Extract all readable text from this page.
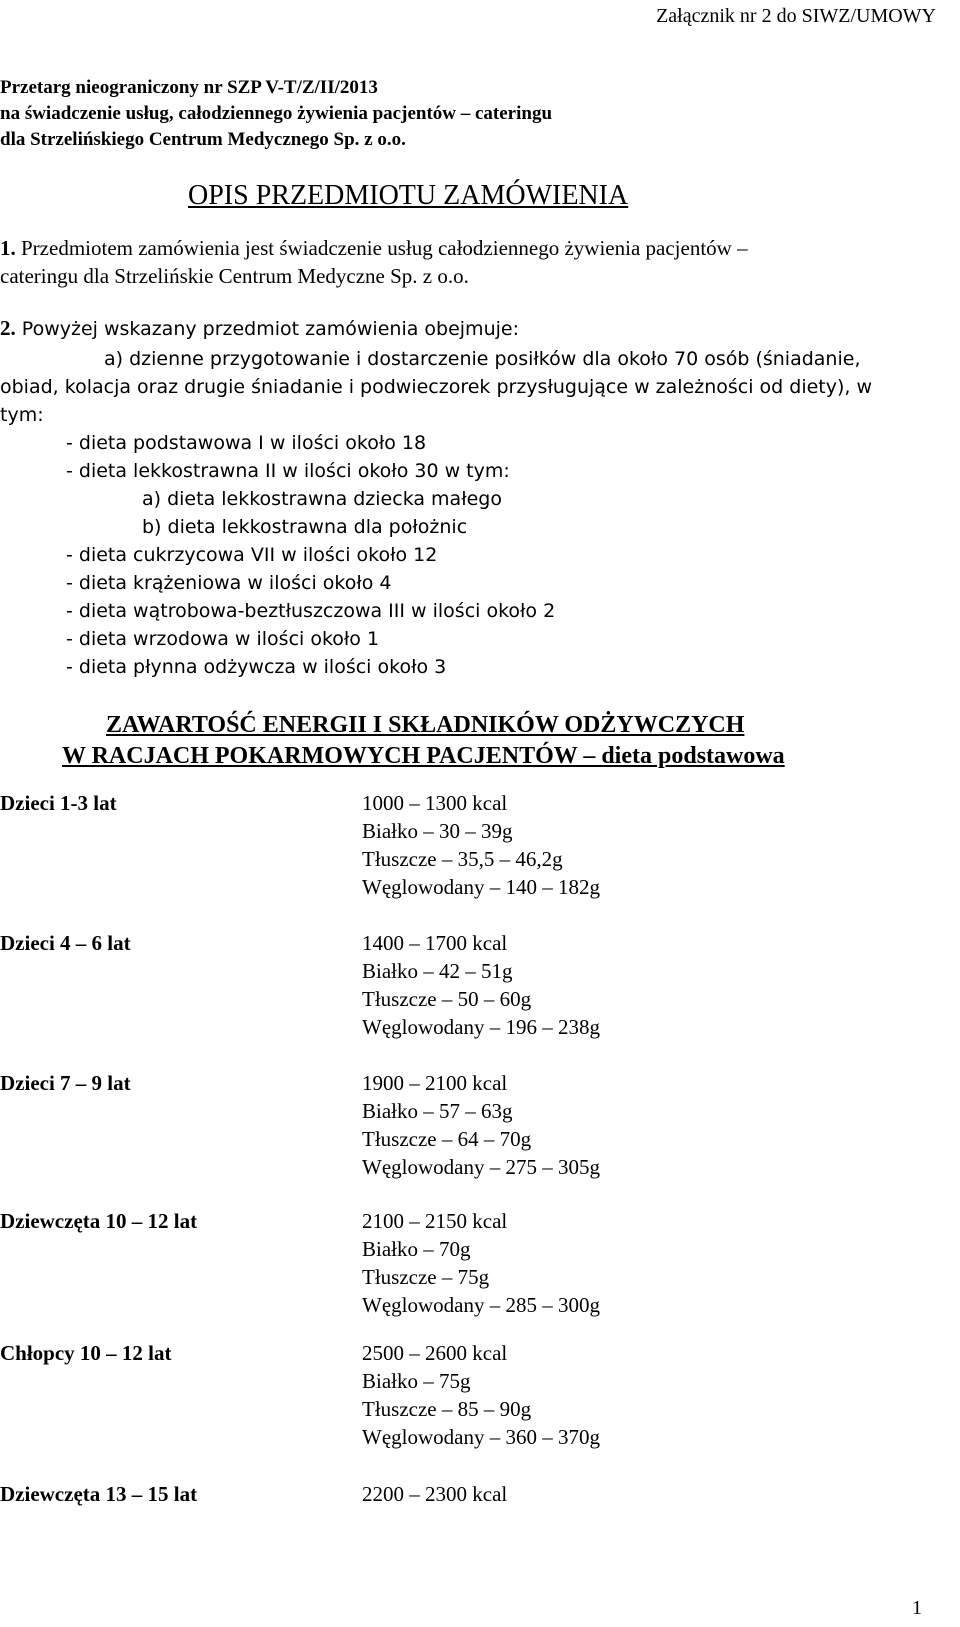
Załącznik nr 2 do SIWZ/UMOWY
Przetarg nieograniczony nr SZP V-T/Z/II/2013
na świadczenie usług, całodziennego żywienia pacjentów – cateringu
dla Strzelińskiego Centrum Medycznego Sp. z o.o.
OPIS PRZEDMIOTU ZAMÓWIENIA
1. Przedmiotem zamówienia jest świadczenie usług całodziennego żywienia pacjentów –
cateringu dla Strzelińskie Centrum Medyczne Sp. z o.o.
2. Powyżej wskazany przedmiot zamówienia obejmuje:
a) dzienne przygotowanie i dostarczenie posiłków dla około 70 osób (śniadanie,
obiad, kolacja oraz drugie śniadanie i podwieczorek przysługujące w zależności od diety), w
tym:
- dieta podstawowa I w ilości około 18
- dieta lekkostrawna II w ilości około 30 w tym:
a) dieta lekkostrawna dziecka małego
b) dieta lekkostrawna dla położnic
- dieta cukrzycowa VII w ilości około 12
- dieta krążeniowa w ilości około 4
- dieta wątrobowa-beztłuszczowa III w ilości około 2
- dieta wrzodowa w ilości około 1
- dieta płynna odżywcza w ilości około 3
ZAWARTOŚĆ ENERGII I SKŁADNIKÓW ODŻYWCZYCH
W RACJACH POKARMOWYCH PACJENTÓW – dieta podstawowa
Dzieci 1-3 lat	1000 – 1300 kcal
Białko – 30 – 39g
Tłuszcze – 35,5 – 46,2g
Węglowodany – 140 – 182g
Dzieci 4 – 6 lat	1400 – 1700 kcal
Białko – 42 – 51g
Tłuszcze – 50 – 60g
Węglowodany – 196 – 238g
Dzieci 7 – 9 lat	1900 – 2100 kcal
Białko – 57 – 63g
Tłuszcze – 64 – 70g
Węglowodany – 275 – 305g
Dziewczęta 10 – 12 lat	2100 – 2150 kcal
Białko – 70g
Tłuszcze – 75g
Węglowodany – 285 – 300g
Chłopcy 10 – 12 lat	2500 – 2600 kcal
Białko – 75g
Tłuszcze – 85 – 90g
Węglowodany – 360 – 370g
Dziewczęta 13 – 15 lat	2200 – 2300 kcal
1
